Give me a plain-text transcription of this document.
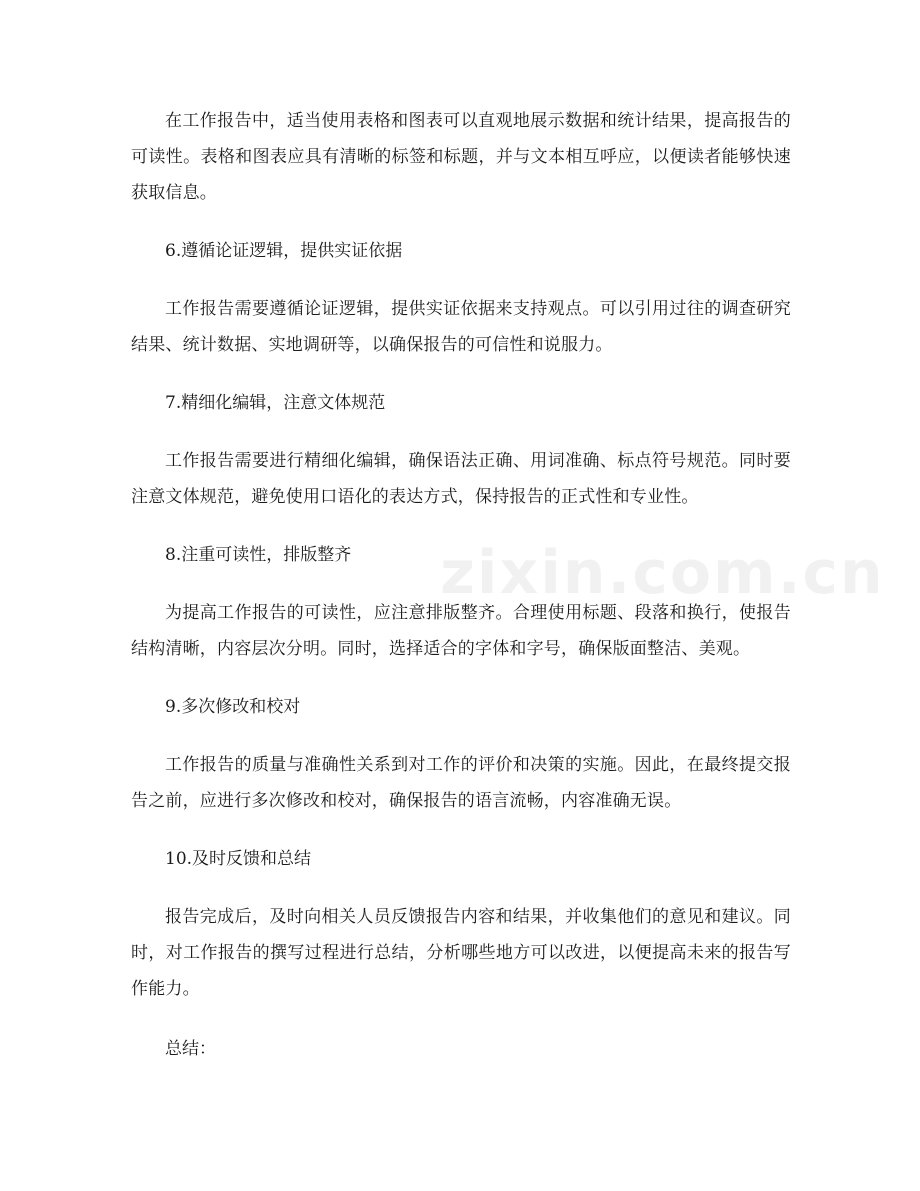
zixin.com.cn

在工作报告中，适当使用表格和图表可以直观地展示数据和统计结果，提高报告的可读性。表格和图表应具有清晰的标签和标题，并与文本相互呼应，以便读者能够快速获取信息。

6.遵循论证逻辑，提供实证依据

工作报告需要遵循论证逻辑，提供实证依据来支持观点。可以引用过往的调查研究结果、统计数据、实地调研等，以确保报告的可信性和说服力。

7.精细化编辑，注意文体规范

工作报告需要进行精细化编辑，确保语法正确、用词准确、标点符号规范。同时要注意文体规范，避免使用口语化的表达方式，保持报告的正式性和专业性。

8.注重可读性，排版整齐

为提高工作报告的可读性，应注意排版整齐。合理使用标题、段落和换行，使报告结构清晰，内容层次分明。同时，选择适合的字体和字号，确保版面整洁、美观。

9.多次修改和校对

工作报告的质量与准确性关系到对工作的评价和决策的实施。因此，在最终提交报告之前，应进行多次修改和校对，确保报告的语言流畅，内容准确无误。

10.及时反馈和总结

报告完成后，及时向相关人员反馈报告内容和结果，并收集他们的意见和建议。同时，对工作报告的撰写过程进行总结，分析哪些地方可以改进，以便提高未来的报告写作能力。

总结：
